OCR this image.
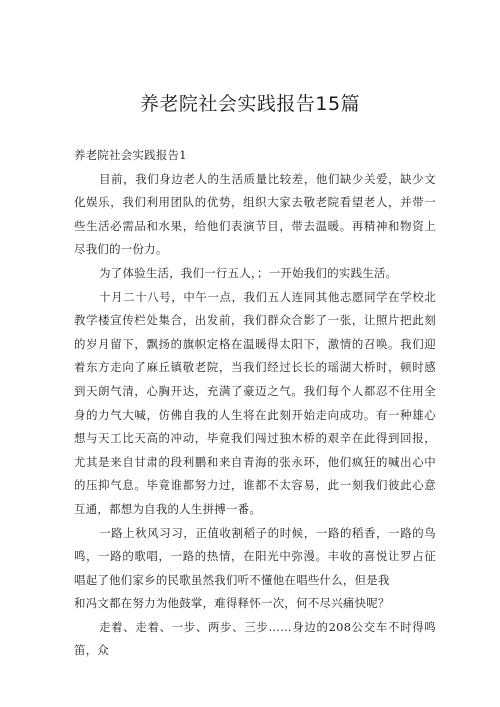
养老院社会实践报告15篇

养老院社会实践报告1

目前，我们身边老人的生活质量比较差，他们缺少关爱，缺少文化娱乐，我们利用团队的优势，组织大家去敬老院看望老人，并带一些生活必需品和水果，给他们表演节目，带去温暖。再精神和物资上尽我们的一份力。

为了体验生活，我们一行五人，；一开始我们的实践生活。

十月二十八号，中午一点，我们五人连同其他志愿同学在学校北教学楼宣传栏处集合，出发前，我们群众合影了一张，让照片把此刻的岁月留下，飘扬的旗帜定格在温暖得太阳下，激情的召唤。我们迎着东方走向了麻丘镇敬老院，当我们经过长长的瑶湖大桥时，顿时感到天朗气清，心胸开达，充满了豪迈之气。我们每个人都忍不住用全身的力气大喊，仿佛自我的人生将在此刻开始走向成功。有一种雄心想与天工比天高的冲动，毕竟我们闯过独木桥的艰辛在此得到回报，尤其是来自甘肃的段利鹏和来自青海的张永环，他们疯狂的喊出心中的压抑气息。毕竟谁都努力过，谁都不太容易，此一刻我们彼此心意互通，都想为自我的人生拼搏一番。

一路上秋风习习，正值收割稻子的时候，一路的稻香，一路的鸟鸣，一路的歌唱，一路的热情，在阳光中弥漫。丰收的喜悦让罗占征唱起了他们家乡的民歌虽然我们听不懂他在唱些什么，但是我

和冯文都在努力为他鼓掌，难得释怀一次，何不尽兴痛快呢？

走着、走着、一步、两步、三步……身边的208公交车不时得鸣笛，众
